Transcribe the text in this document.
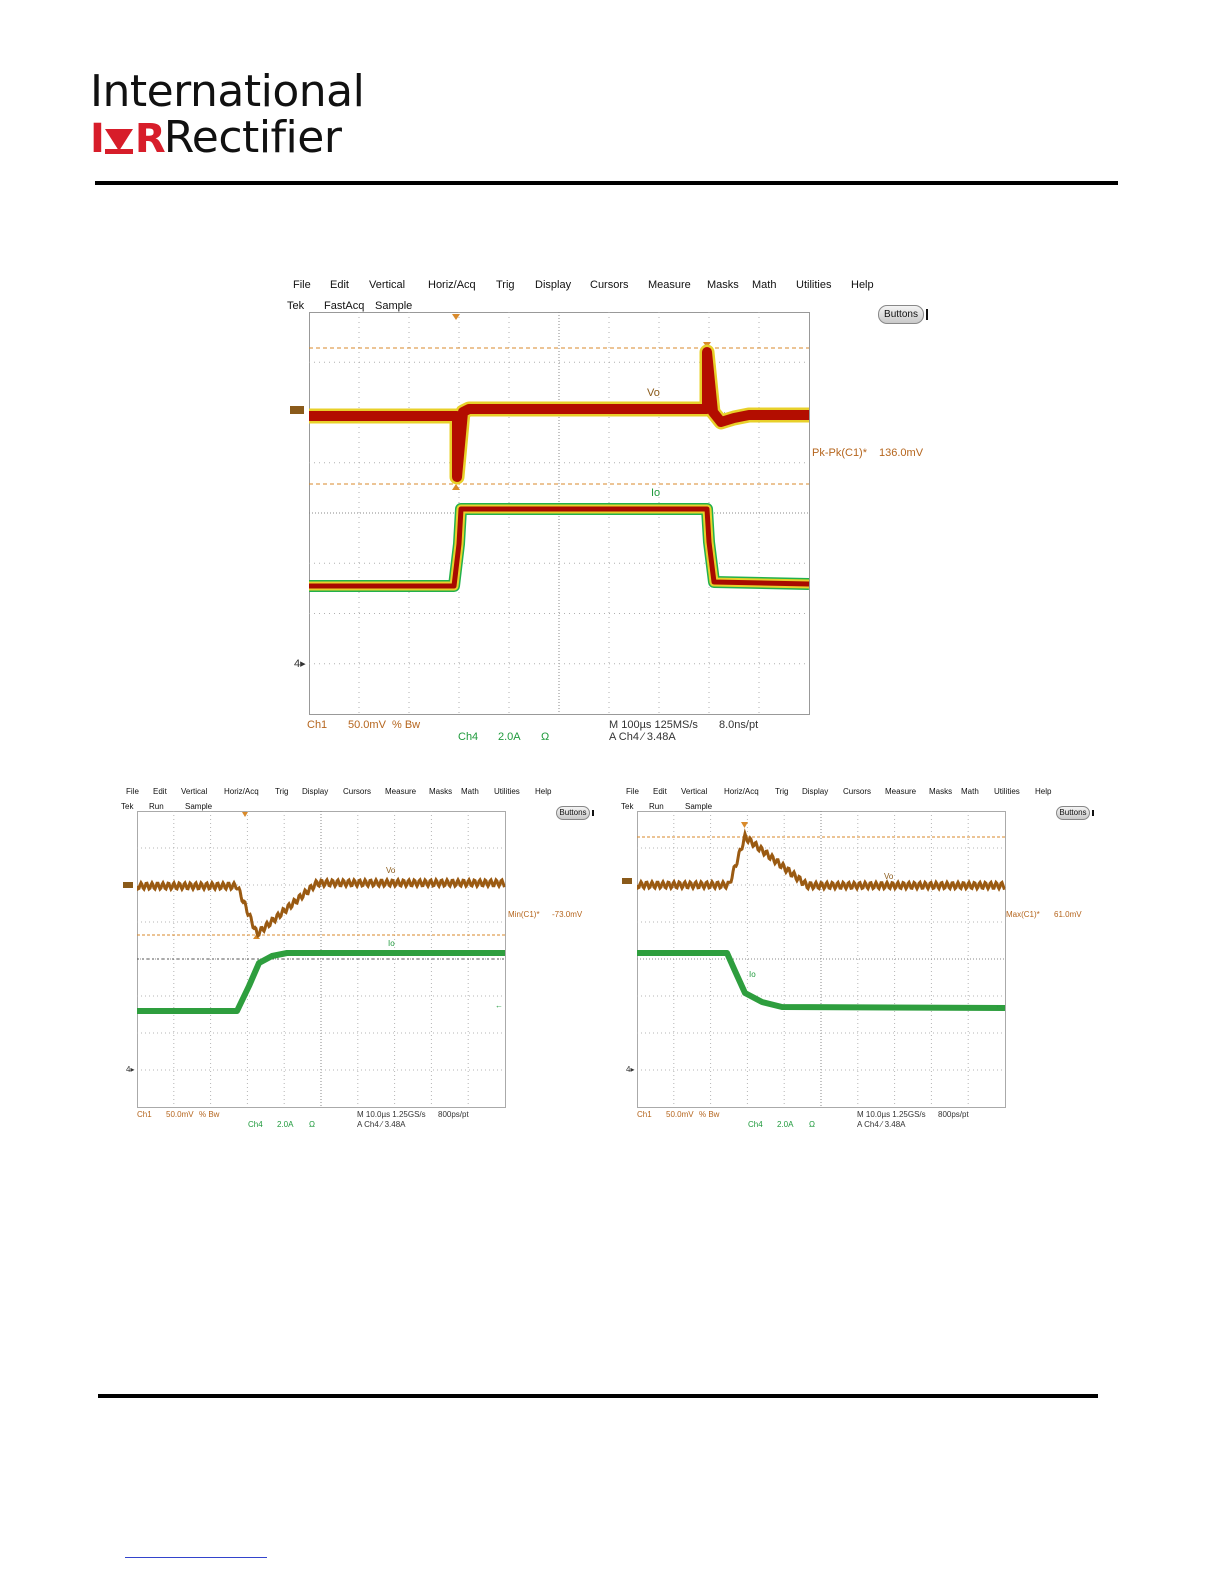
International
I RRectifier
File Edit Vertical Horiz/Acq Trig Display Cursors Measure Masks Math Utilities Help
Tek FastAcq Sample
Buttons
Vo
Io
Pk-Pk(C1)* 136.0mV
4▸
Ch1 50.0mV % Bw
Ch4 2.0A Ω
M 100µs 125MS/s 8.0ns/pt
A Ch4 ⁄ 3.48A
File Edit Vertical Horiz/Acq Trig Display Cursors Measure Masks Math Utilities Help
Tek Run	Sample
Buttons
Vo
Io
Min(C1)* -73.0mV
4▸
←
Ch1 50.0mV % Bw
Ch4 2.0A Ω
M 10.0µs 1.25GS/s 800ps/pt
A Ch4 ⁄ 3.48A
File Edit Vertical Horiz/Acq Trig Display Cursors Measure Masks Math Utilities Help
Tek Run	Sample
Buttons
Vo
Io
Max(C1)* 61.0mV
4▸
←
Ch1 50.0mV % Bw
Ch4 2.0A Ω
M 10.0µs 1.25GS/s 800ps/pt
A Ch4 ⁄ 3.48A
